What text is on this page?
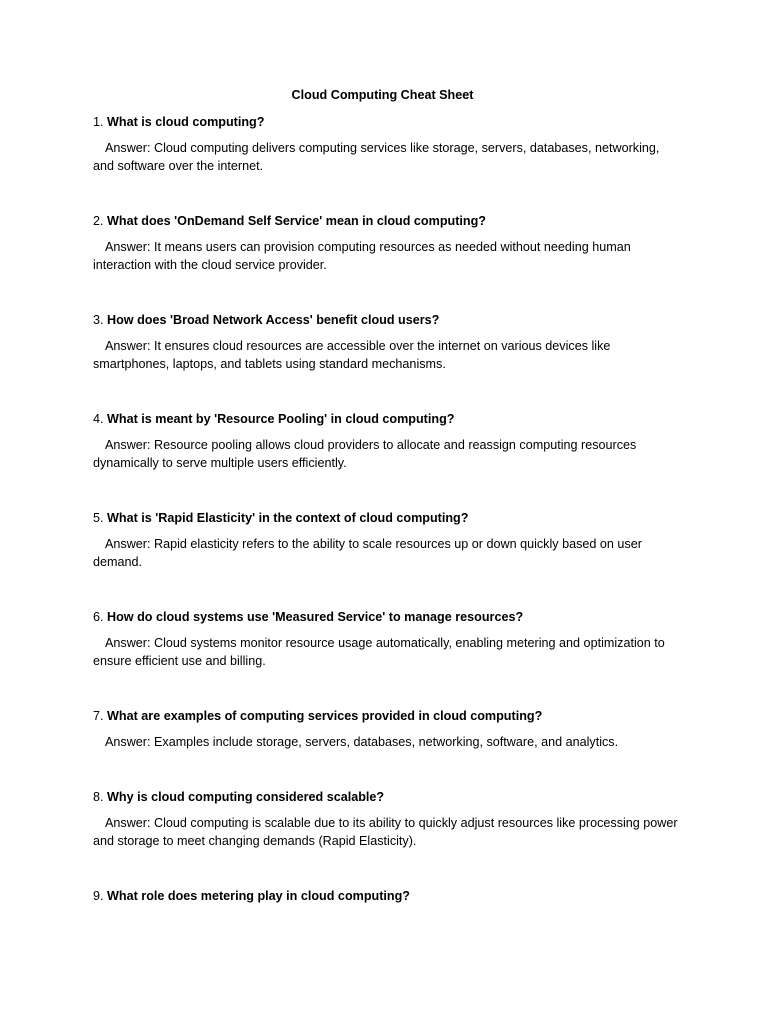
Cloud Computing Cheat Sheet

1. What is cloud computing?

Answer: Cloud computing delivers computing services like storage, servers, databases, networking, and software over the internet.

2. What does 'OnDemand Self Service' mean in cloud computing?

Answer: It means users can provision computing resources as needed without needing human interaction with the cloud service provider.

3. How does 'Broad Network Access' benefit cloud users?

Answer: It ensures cloud resources are accessible over the internet on various devices like smartphones, laptops, and tablets using standard mechanisms.

4. What is meant by 'Resource Pooling' in cloud computing?

Answer: Resource pooling allows cloud providers to allocate and reassign computing resources dynamically to serve multiple users efficiently.

5. What is 'Rapid Elasticity' in the context of cloud computing?

Answer: Rapid elasticity refers to the ability to scale resources up or down quickly based on user demand.

6. How do cloud systems use 'Measured Service' to manage resources?

Answer: Cloud systems monitor resource usage automatically, enabling metering and optimization to ensure efficient use and billing.

7. What are examples of computing services provided in cloud computing?

Answer: Examples include storage, servers, databases, networking, software, and analytics.

8. Why is cloud computing considered scalable?

Answer: Cloud computing is scalable due to its ability to quickly adjust resources like processing power and storage to meet changing demands (Rapid Elasticity).

9. What role does metering play in cloud computing?
